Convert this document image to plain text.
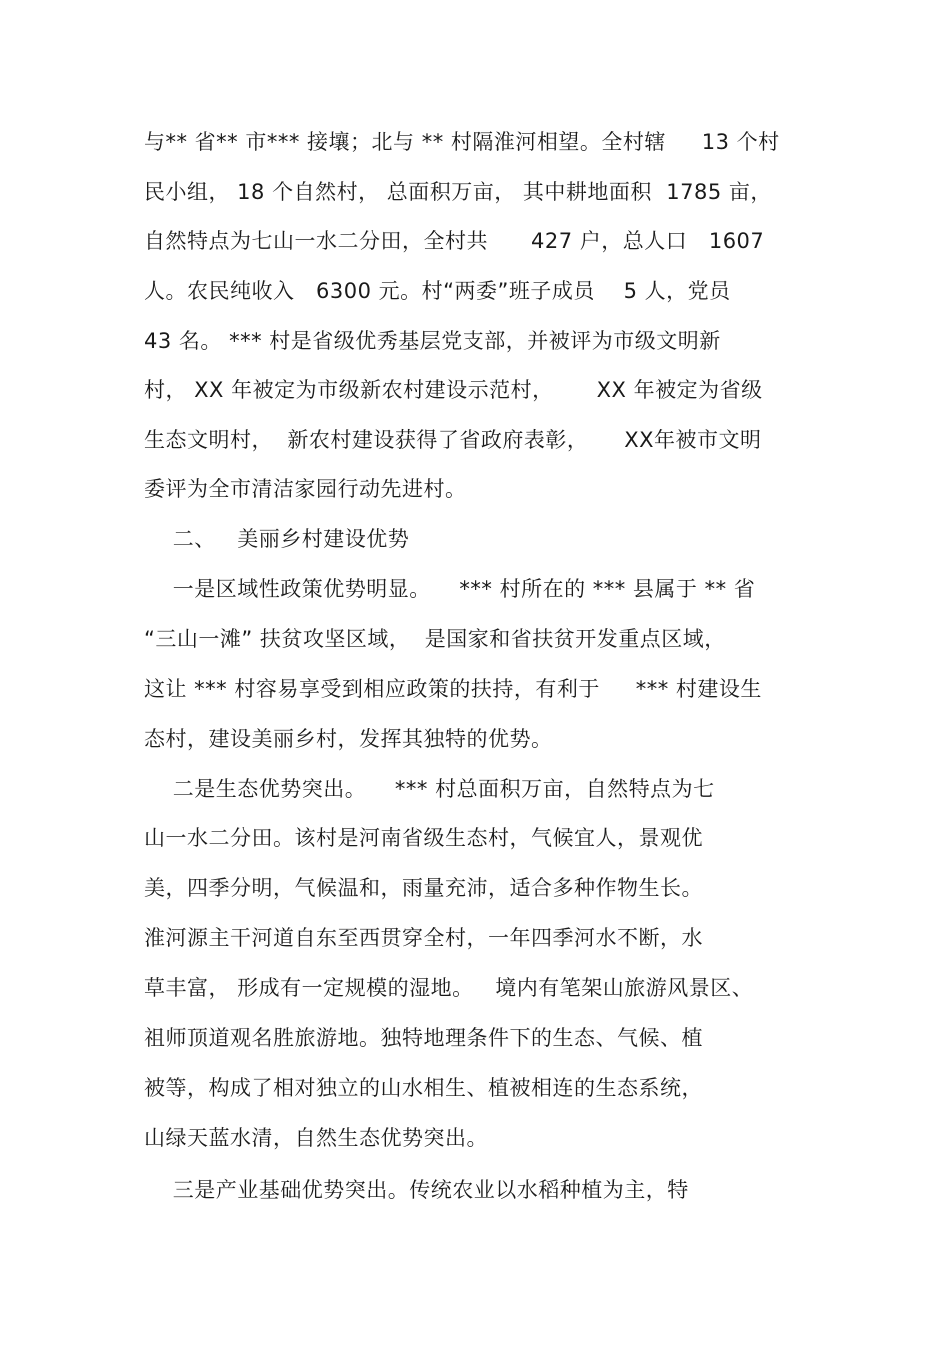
与** 省** 市*** 接壤；北与 ** 村隔淮河相望。全村辖     13 个村
民小组， 18 个自然村， 总面积万亩， 其中耕地面积  1785 亩，
自然特点为七山一水二分田，全村共      427 户，总人口   1607
人。农民纯收入   6300 元。村“两委”班子成员    5 人，党员
43 名。 *** 村是省级优秀基层党支部，并被评为市级文明新
村， XX 年被定为市级新农村建设示范村，      XX 年被定为省级
生态文明村，  新农村建设获得了省政府表彰，     XX年被市文明
委评为全市清洁家园行动先进村。
二、   美丽乡村建设优势
一是区域性政策优势明显。    *** 村所在的 *** 县属于 ** 省
“三山一滩” 扶贫攻坚区域，  是国家和省扶贫开发重点区域，
这让 *** 村容易享受到相应政策的扶持，有利于     *** 村建设生
态村，建设美丽乡村，发挥其独特的优势。
二是生态优势突出。    *** 村总面积万亩，自然特点为七
山一水二分田。该村是河南省级生态村，气候宜人，景观优
美，四季分明，气候温和，雨量充沛，适合多种作物生长。
淮河源主干河道自东至西贯穿全村，一年四季河水不断，水
草丰富， 形成有一定规模的湿地。   境内有笔架山旅游风景区、
祖师顶道观名胜旅游地。独特地理条件下的生态、气候、植
被等，构成了相对独立的山水相生、植被相连的生态系统，
山绿天蓝水清，自然生态优势突出。
三是产业基础优势突出。传统农业以水稻种植为主，特
